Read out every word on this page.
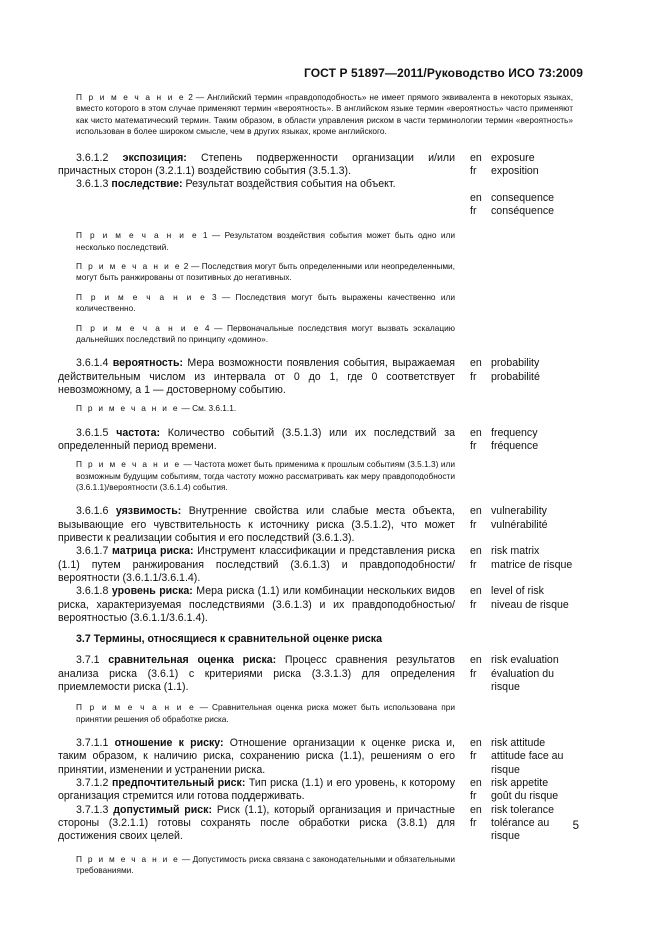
ГОСТ Р 51897—2011/Руководство ИСО 73:2009

П р и м е ч а н и е 2 — Английский термин «правдоподобность» не имеет прямого эквивалента в некоторых языках, вместо которого в этом случае применяют термин «вероятность». В английском языке термин «вероятность» часто применяют как чисто математический термин. Таким образом, в области управления риском в части терминологии термин «вероятность» использован в более широком смысле, чем в других языках, кроме английского.

3.6.1.2 экспозиция: Степень подверженности организации и/или причастных сторон (3.2.1.1) воздействию события (3.5.1.3).
en exposure
fr	exposition
3.6.1.3 последствие: Результат воздействия события на объект.
en consequence
fr	conséquence

П р и м е ч а н и е 1 — Результатом воздействия события может быть одно или несколько последствий.

П р и м е ч а н и е 2 — Последствия могут быть определенными или неопределенными, могут быть ранжированы от позитивных до негативных.

П р и м е ч а н и е 3 — Последствия могут быть выражены качественно или количественно.

П р и м е ч а н и е 4 — Первоначальные последствия могут вызвать эскалацию дальнейших последствий по принципу «домино».

3.6.1.4 вероятность: Мера возможности появления события, выражаемая действительным числом из интервала от 0 до 1, где 0 соответствует невозможному, а 1 — достоверному событию.
en probability
fr	probabilité

П р и м е ч а н и е — См. 3.6.1.1.

3.6.1.5 частота: Количество событий (3.5.1.3) или их последствий за определенный период времени.
en frequency
fr	fréquence

П р и м е ч а н и е — Частота может быть применима к прошлым событиям (3.5.1.3) или возможным будущим событиям, тогда частоту можно рассматривать как меру правдоподобности (3.6.1.1)/вероятности (3.6.1.4) события.

3.6.1.6 уязвимость: Внутренние свойства или слабые места объекта, вызывающие его чувствительность к источнику риска (3.5.1.2), что может привести к реализации события и его последствий (3.6.1.3).
en vulnerability
fr	vulnérabilité
3.6.1.7 матрица риска: Инструмент классификации и представления риска (1.1) путем ранжирования последствий (3.6.1.3) и правдоподобности/вероятности (3.6.1.1/3.6.1.4).
en risk matrix
fr	matrice de risque
3.6.1.8 уровень риска: Мера риска (1.1) или комбинации нескольких видов риска, характеризуемая последствиями (3.6.1.3) и их правдоподобностью/вероятностью (3.6.1.1/3.6.1.4).
en level of risk
fr	niveau de risque
3.7 Термины, относящиеся к сравнительной оценке риска
3.7.1 сравнительная оценка риска: Процесс сравнения результатов анализа риска (3.6.1) с критериями риска (3.3.1.3) для определения приемлемости риска (1.1).
en risk evaluation
fr	évaluation du risque

П р и м е ч а н и е — Сравнительная оценка риска может быть использована при принятии решения об обработке риска.

3.7.1.1 отношение к риску: Отношение организации к оценке риска и, таким образом, к наличию риска, сохранению риска (1.1), решениям о его принятии, изменении и устранении риска.
en risk attitude
fr	attitude face au risque
3.7.1.2 предпочтительный риск: Тип риска (1.1) и его уровень, к которому организация стремится или готова поддерживать.
en risk appetite
fr	goût du risque
3.7.1.3 допустимый риск: Риск (1.1), который организация и причастные стороны (3.2.1.1) готовы сохранять после обработки риска (3.8.1) для достижения своих целей.
en risk tolerance
fr	tolérance au risque

П р и м е ч а н и е — Допустимость риска связана с законодательными и обязательными требованиями.

5
